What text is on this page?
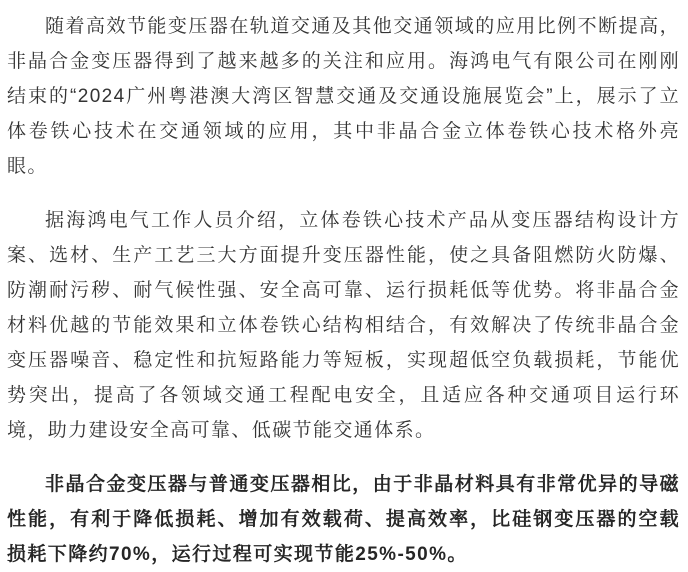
随着高效节能变压器在轨道交通及其他交通领域的应用比例不断提高，非晶合金变压器得到了越来越多的关注和应用。海鸿电气有限公司在刚刚结束的“2024广州粤港澳大湾区智慧交通及交通设施展览会”上，展示了立体卷铁心技术在交通领域的应用，其中非晶合金立体卷铁心技术格外亮眼。

据海鸿电气工作人员介绍，立体卷铁心技术产品从变压器结构设计方案、选材、生产工艺三大方面提升变压器性能，使之具备阻燃防火防爆、防潮耐污秽、耐气候性强、安全高可靠、运行损耗低等优势。将非晶合金材料优越的节能效果和立体卷铁心结构相结合，有效解决了传统非晶合金变压器噪音、稳定性和抗短路能力等短板，实现超低空负载损耗，节能优势突出，提高了各领域交通工程配电安全，且适应各种交通项目运行环境，助力建设安全高可靠、低碳节能交通体系。

非晶合金变压器与普通变压器相比，由于非晶材料具有非常优异的导磁性能，有利于降低损耗、增加有效载荷、提高效率，比硅钢变压器的空载损耗下降约70%，运行过程可实现节能25%-50%。
